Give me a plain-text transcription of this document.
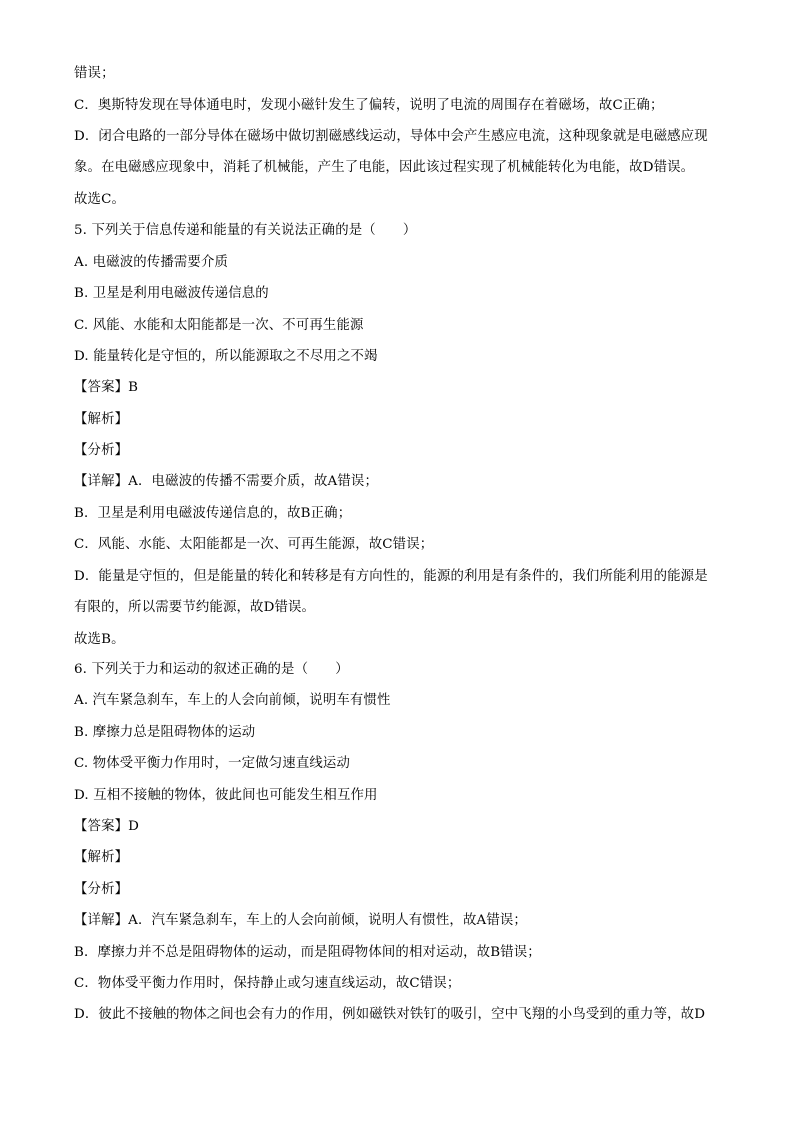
错误；
C．奥斯特发现在导体通电时，发现小磁针发生了偏转，说明了电流的周围存在着磁场，故C正确；
D．闭合电路的一部分导体在磁场中做切割磁感线运动，导体中会产生感应电流，这种现象就是电磁感应现
象。在电磁感应现象中，消耗了机械能，产生了电能，因此该过程实现了机械能转化为电能，故D错误。
故选C。
5. 下列关于信息传递和能量的有关说法正确的是（　　）
A. 电磁波的传播需要介质
B. 卫星是利用电磁波传递信息的
C. 风能、水能和太阳能都是一次、不可再生能源
D. 能量转化是守恒的，所以能源取之不尽用之不竭
【答案】B
【解析】
【分析】
【详解】A．电磁波的传播不需要介质，故A错误；
B．卫星是利用电磁波传递信息的，故B正确；
C．风能、水能、太阳能都是一次、可再生能源，故C错误；
D．能量是守恒的，但是能量的转化和转移是有方向性的，能源的利用是有条件的，我们所能利用的能源是
有限的，所以需要节约能源，故D错误。
故选B。
6. 下列关于力和运动的叙述正确的是（　　）
A. 汽车紧急刹车，车上的人会向前倾，说明车有惯性
B. 摩擦力总是阻碍物体的运动
C. 物体受平衡力作用时，一定做匀速直线运动
D. 互相不接触的物体，彼此间也可能发生相互作用
【答案】D
【解析】
【分析】
【详解】A．汽车紧急刹车，车上的人会向前倾，说明人有惯性，故A错误；
B．摩擦力并不总是阻碍物体的运动，而是阻碍物体间的相对运动，故B错误；
C．物体受平衡力作用时，保持静止或匀速直线运动，故C错误；
D．彼此不接触的物体之间也会有力的作用，例如磁铁对铁钉的吸引，空中飞翔的小鸟受到的重力等，故D
